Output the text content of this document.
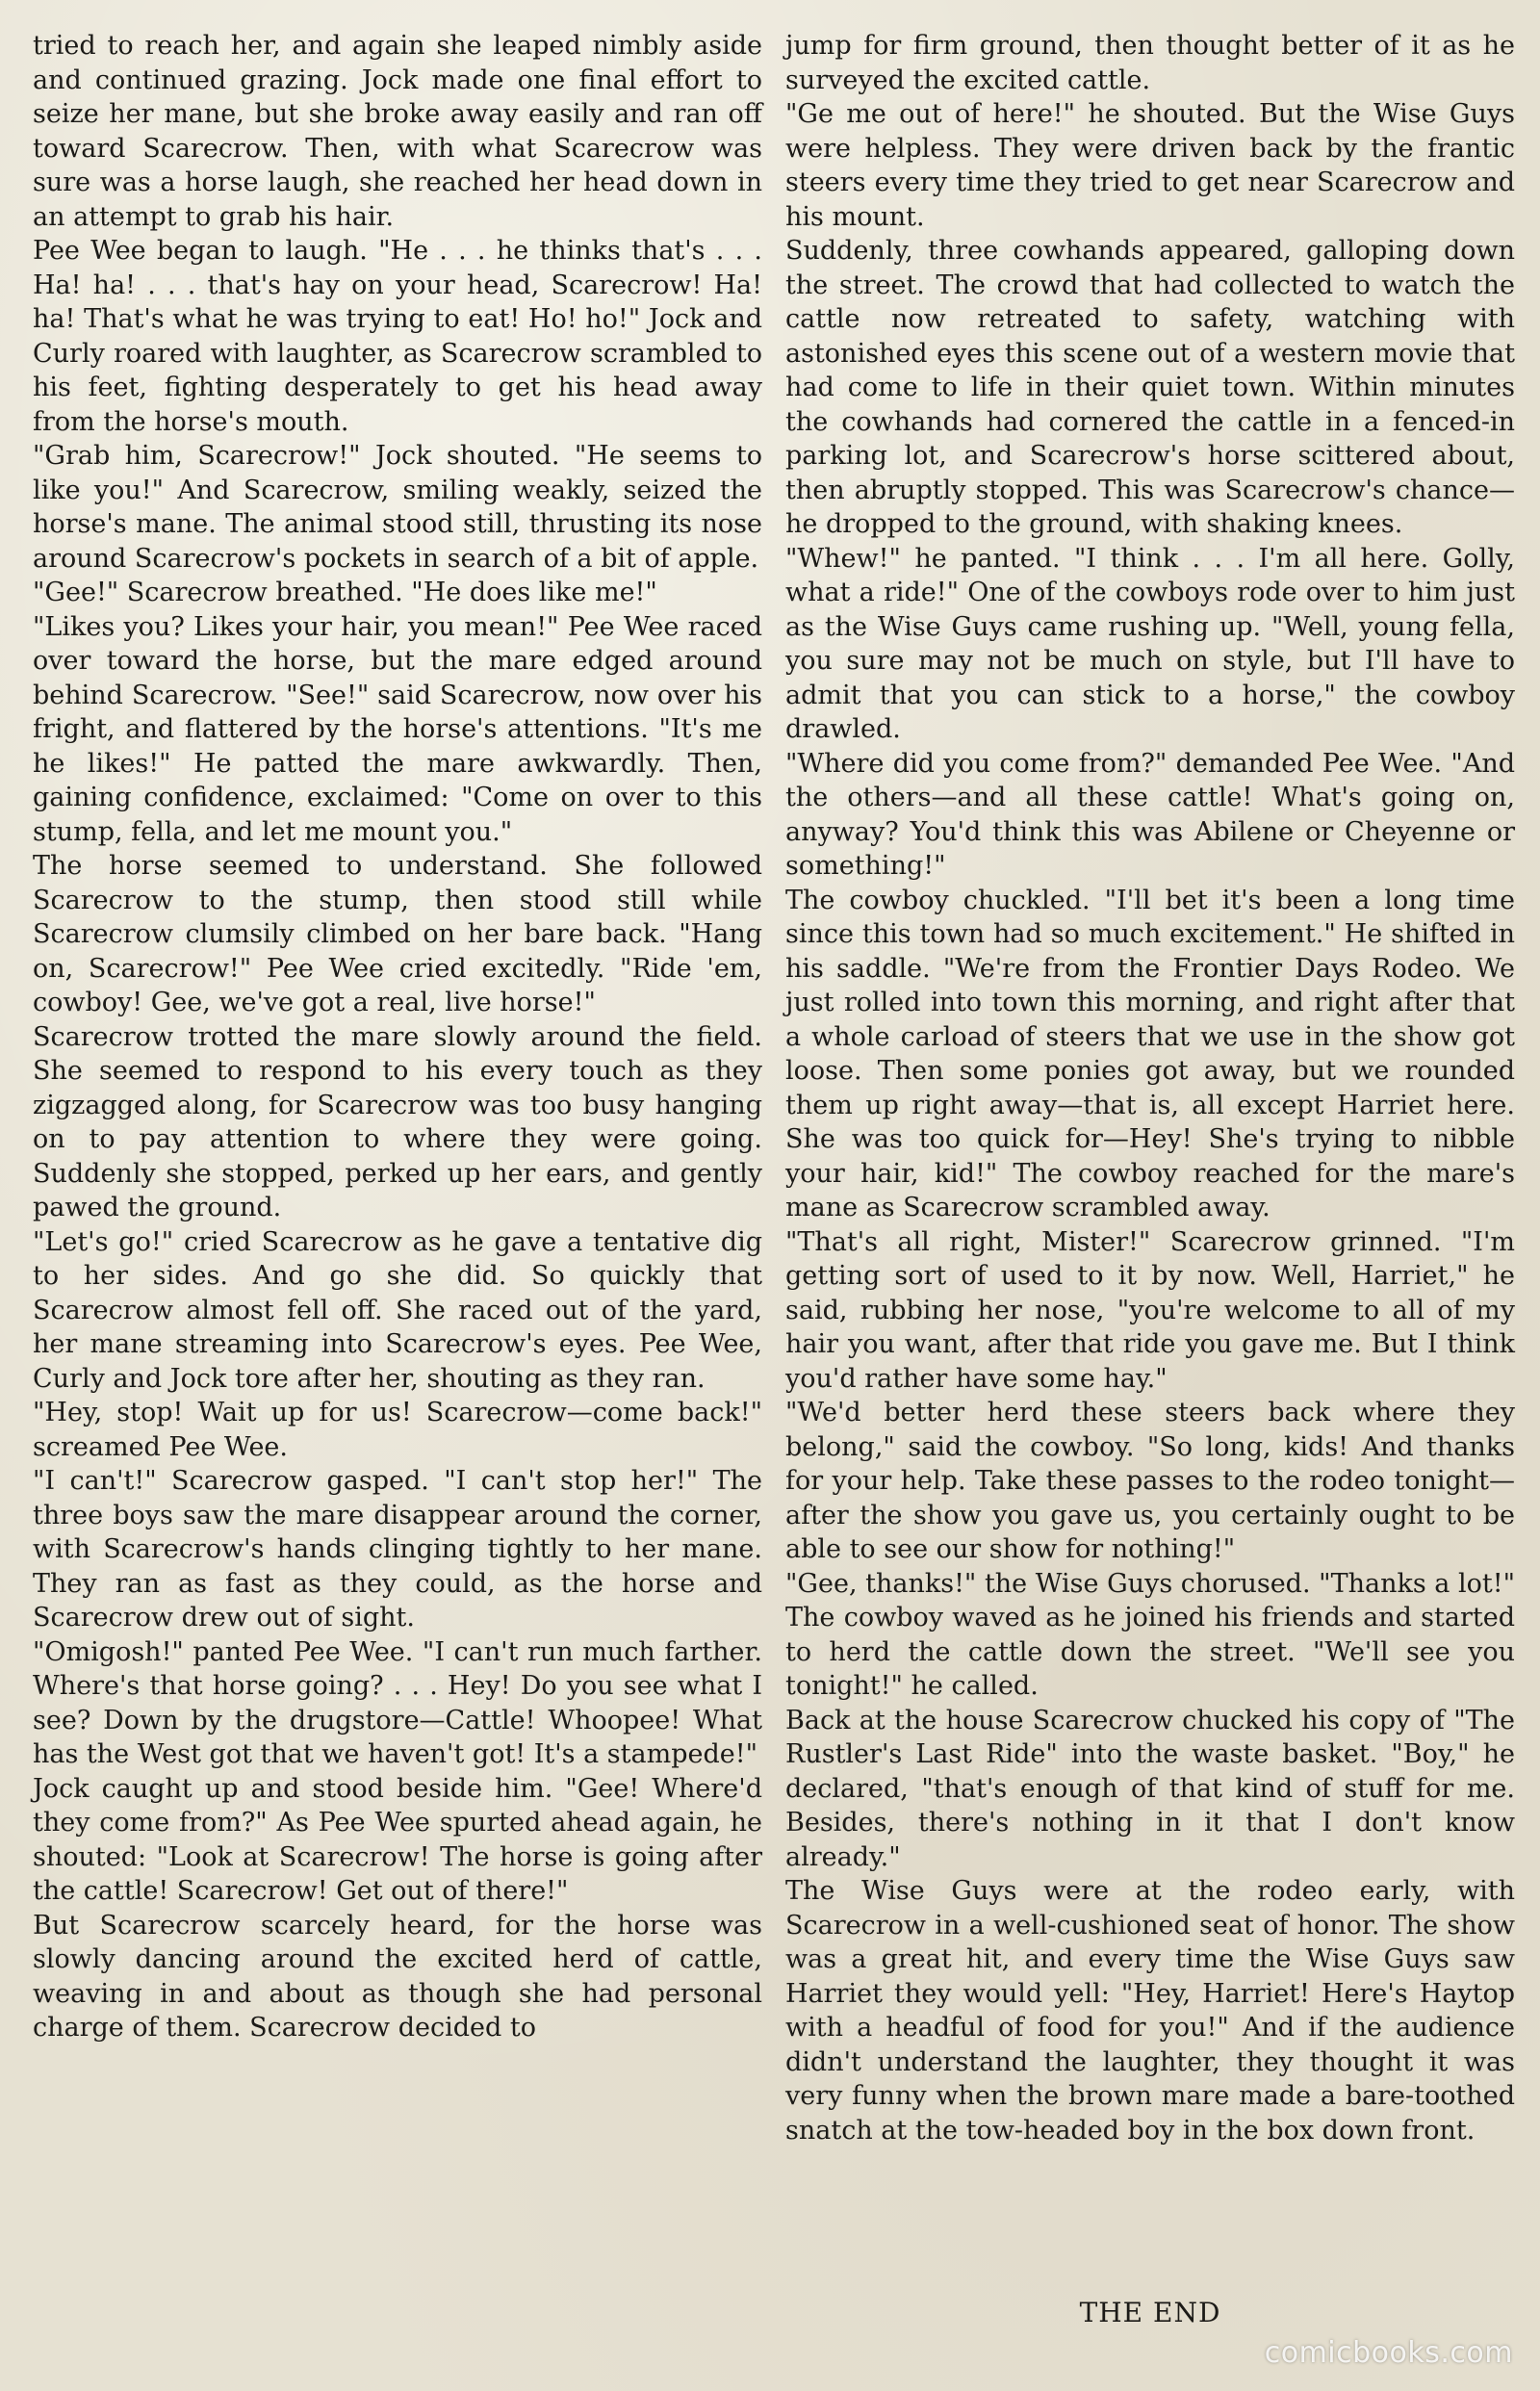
tried to reach her, and again she leaped nimbly aside and continued grazing. Jock made one final effort to seize her mane, but she broke away easily and ran off toward Scarecrow. Then, with what Scarecrow was sure was a horse laugh, she reached her head down in an attempt to grab his hair.

Pee Wee began to laugh. "He . . . he thinks that's . . . Ha! ha! . . . that's hay on your head, Scarecrow! Ha! ha! That's what he was trying to eat! Ho! ho!" Jock and Curly roared with laughter, as Scarecrow scrambled to his feet, fighting desperately to get his head away from the horse's mouth.

"Grab him, Scarecrow!" Jock shouted. "He seems to like you!" And Scarecrow, smiling weakly, seized the horse's mane. The animal stood still, thrusting its nose around Scarecrow's pockets in search of a bit of apple.

"Gee!" Scarecrow breathed. "He does like me!"

"Likes you? Likes your hair, you mean!" Pee Wee raced over toward the horse, but the mare edged around behind Scarecrow. "See!" said Scarecrow, now over his fright, and flattered by the horse's attentions. "It's me he likes!" He patted the mare awkwardly. Then, gaining confidence, exclaimed: "Come on over to this stump, fella, and let me mount you."

The horse seemed to understand. She followed Scarecrow to the stump, then stood still while Scarecrow clumsily climbed on her bare back. "Hang on, Scarecrow!" Pee Wee cried excitedly. "Ride 'em, cowboy! Gee, we've got a real, live horse!"

Scarecrow trotted the mare slowly around the field. She seemed to respond to his every touch as they zigzagged along, for Scarecrow was too busy hanging on to pay attention to where they were going. Suddenly she stopped, perked up her ears, and gently pawed the ground.

"Let's go!" cried Scarecrow as he gave a tentative dig to her sides. And go she did. So quickly that Scarecrow almost fell off. She raced out of the yard, her mane streaming into Scarecrow's eyes. Pee Wee, Curly and Jock tore after her, shouting as they ran.

"Hey, stop! Wait up for us! Scarecrow—come back!" screamed Pee Wee.

"I can't!" Scarecrow gasped. "I can't stop her!" The three boys saw the mare disappear around the corner, with Scarecrow's hands clinging tightly to her mane. They ran as fast as they could, as the horse and Scarecrow drew out of sight.

"Omigosh!" panted Pee Wee. "I can't run much farther. Where's that horse going? . . . Hey! Do you see what I see? Down by the drugstore—Cattle! Whoopee! What has the West got that we haven't got! It's a stampede!"

Jock caught up and stood beside him. "Gee! Where'd they come from?" As Pee Wee spurted ahead again, he shouted: "Look at Scarecrow! The horse is going after the cattle! Scarecrow! Get out of there!"

But Scarecrow scarcely heard, for the horse was slowly dancing around the excited herd of cattle, weaving in and about as though she had personal charge of them. Scarecrow decided to

jump for firm ground, then thought better of it as he surveyed the excited cattle.

"Ge me out of here!" he shouted. But the Wise Guys were helpless. They were driven back by the frantic steers every time they tried to get near Scarecrow and his mount.

Suddenly, three cowhands appeared, galloping down the street. The crowd that had collected to watch the cattle now retreated to safety, watching with astonished eyes this scene out of a western movie that had come to life in their quiet town. Within minutes the cowhands had cornered the cattle in a fenced-in parking lot, and Scarecrow's horse scittered about, then abruptly stopped. This was Scarecrow's chance—he dropped to the ground, with shaking knees.

"Whew!" he panted. "I think . . . I'm all here. Golly, what a ride!" One of the cowboys rode over to him just as the Wise Guys came rushing up. "Well, young fella, you sure may not be much on style, but I'll have to admit that you can stick to a horse," the cowboy drawled.

"Where did you come from?" demanded Pee Wee. "And the others—and all these cattle! What's going on, anyway? You'd think this was Abilene or Cheyenne or something!"

The cowboy chuckled. "I'll bet it's been a long time since this town had so much excitement." He shifted in his saddle. "We're from the Frontier Days Rodeo. We just rolled into town this morning, and right after that a whole carload of steers that we use in the show got loose. Then some ponies got away, but we rounded them up right away—that is, all except Harriet here. She was too quick for—Hey! She's trying to nibble your hair, kid!" The cowboy reached for the mare's mane as Scarecrow scrambled away.

"That's all right, Mister!" Scarecrow grinned. "I'm getting sort of used to it by now. Well, Harriet," he said, rubbing her nose, "you're welcome to all of my hair you want, after that ride you gave me. But I think you'd rather have some hay."

"We'd better herd these steers back where they belong," said the cowboy. "So long, kids! And thanks for your help. Take these passes to the rodeo tonight—after the show you gave us, you certainly ought to be able to see our show for nothing!"

"Gee, thanks!" the Wise Guys chorused. "Thanks a lot!" The cowboy waved as he joined his friends and started to herd the cattle down the street. "We'll see you tonight!" he called.

Back at the house Scarecrow chucked his copy of "The Rustler's Last Ride" into the waste basket. "Boy," he declared, "that's enough of that kind of stuff for me. Besides, there's nothing in it that I don't know already."

The Wise Guys were at the rodeo early, with Scarecrow in a well-cushioned seat of honor. The show was a great hit, and every time the Wise Guys saw Harriet they would yell: "Hey, Harriet! Here's Haytop with a headful of food for you!" And if the audience didn't understand the laughter, they thought it was very funny when the brown mare made a bare-toothed snatch at the tow-headed boy in the box down front.

THE END
comicbooks.com
